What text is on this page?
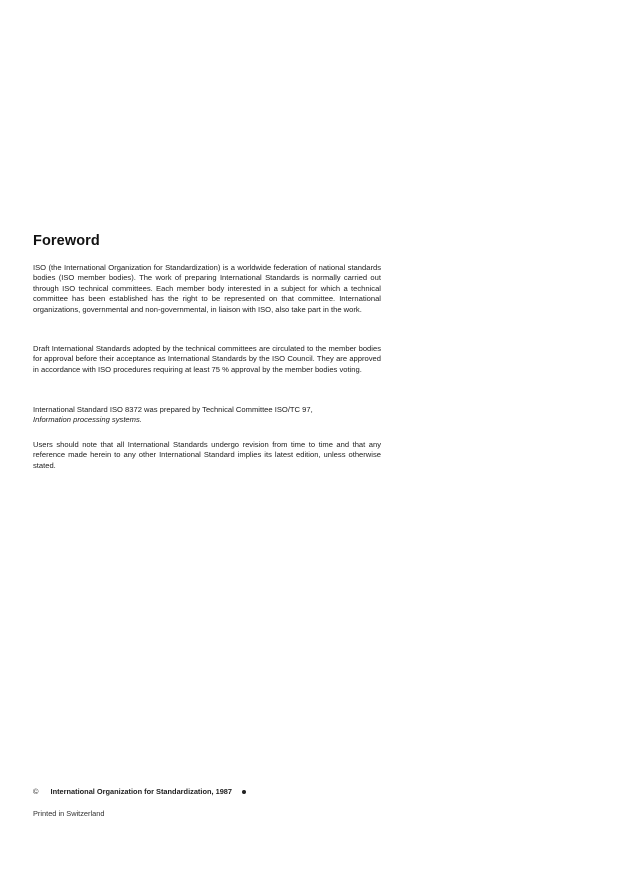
Foreword

ISO (the International Organization for Standardization) is a worldwide federation of national standards bodies (ISO member bodies). The work of preparing International Standards is normally carried out through ISO technical committees. Each member body interested in a subject for which a technical committee has been established has the right to be represented on that committee. International organizations, governmental and non-governmental, in liaison with ISO, also take part in the work.

Draft International Standards adopted by the technical committees are circulated to the member bodies for approval before their acceptance as International Standards by the ISO Council. They are approved in accordance with ISO procedures requiring at least 75 % approval by the member bodies voting.

International Standard ISO 8372 was prepared by Technical Committee ISO/TC 97,
Information processing systems.

Users should note that all International Standards undergo revision from time to time and that any reference made herein to any other International Standard implies its latest edition, unless otherwise stated.

© International Organization for Standardization, 1987
Printed in Switzerland
